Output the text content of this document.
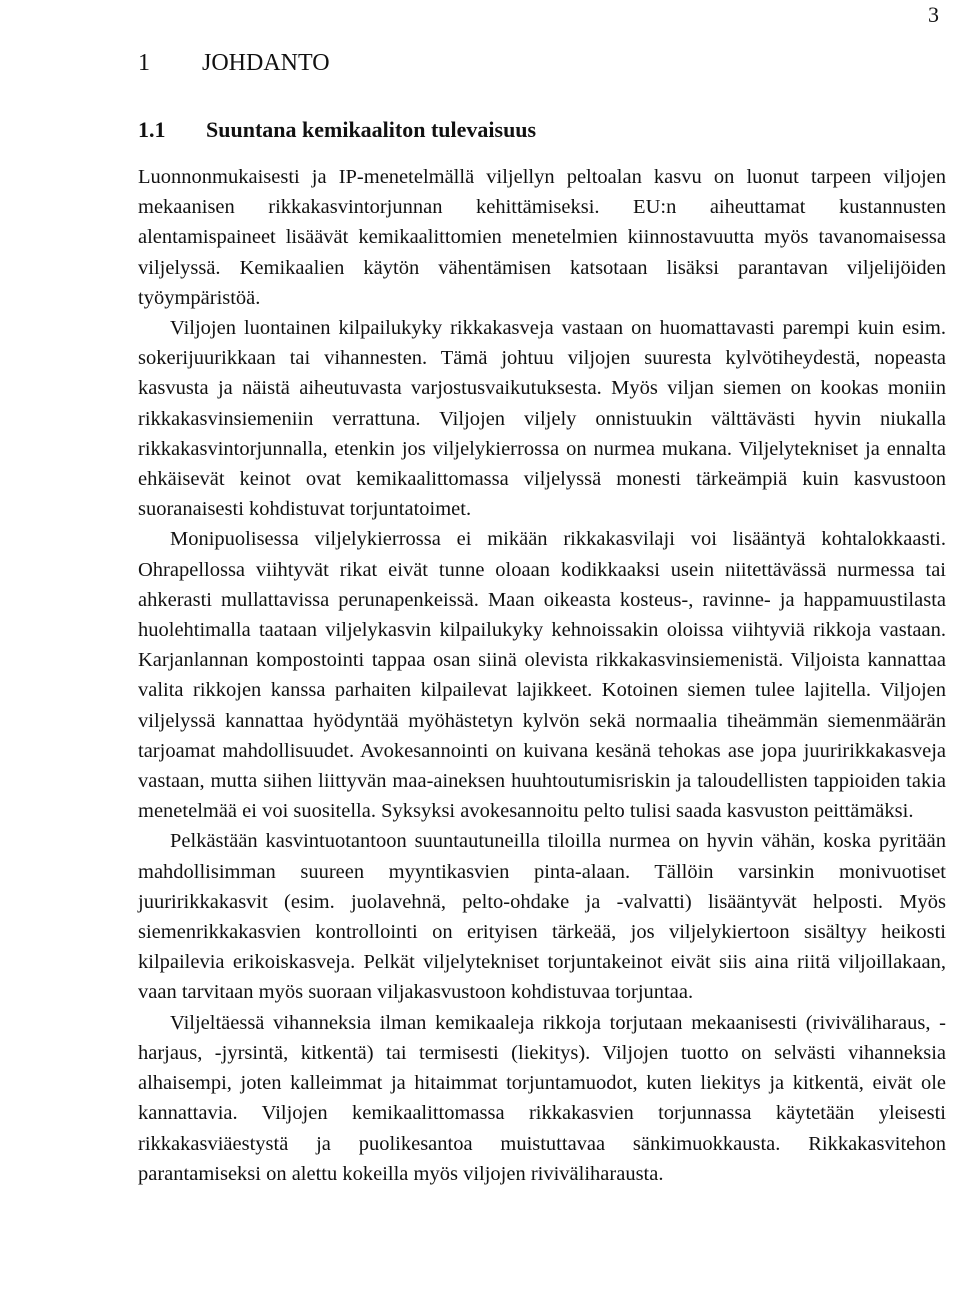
3
1 JOHDANTO
1.1 Suuntana kemikaaliton tulevaisuus

Luonnonmukaisesti ja IP-menetelmällä viljellyn peltoalan kasvu on luonut tarpeen viljojen mekaanisen rikkakasvintorjunnan kehittämiseksi. EU:n aiheuttamat kustannusten alentamispaineet lisäävät kemikaalittomien menetelmien kiinnostavuutta myös tavanomaisessa viljelyssä. Kemikaalien käytön vähentämisen katsotaan lisäksi parantavan viljelijöiden työympäristöä.

Viljojen luontainen kilpailukyky rikkakasveja vastaan on huomattavasti parempi kuin esim. sokerijuurikkaan tai vihannesten. Tämä johtuu viljojen suuresta kylvötiheydestä, nopeasta kasvusta ja näistä aiheutuvasta varjostusvaikutuksesta. Myös viljan siemen on kookas moniin rikkakasvinsiemeniin verrattuna. Viljojen viljely onnistuukin välttävästi hyvin niukalla rikkakasvintorjunnalla, etenkin jos viljelykierrossa on nurmea mukana. Viljelytekniset ja ennalta ehkäisevät keinot ovat kemikaalittomassa viljelyssä monesti tärkeämpiä kuin kasvustoon suoranaisesti kohdistuvat torjuntatoimet.

Monipuolisessa viljelykierrossa ei mikään rikkakasvilaji voi lisääntyä kohtalokkaasti. Ohrapellossa viihtyvät rikat eivät tunne oloaan kodikkaaksi usein niitettävässä nurmessa tai ahkerasti mullattavissa perunapenkeissä. Maan oikeasta kosteus-, ravinne- ja happamuustilasta huolehtimalla taataan viljelykasvin kilpailukyky kehnoissakin oloissa viihtyviä rikkoja vastaan. Karjanlannan kompostointi tappaa osan siinä olevista rikkakasvinsiemenistä. Viljoista kannattaa valita rikkojen kanssa parhaiten kilpailevat lajikkeet. Kotoinen siemen tulee lajitella. Viljojen viljelyssä kannattaa hyödyntää myöhästetyn kylvön sekä normaalia tiheämmän siemenmäärän tarjoamat mahdollisuudet. Avokesannointi on kuivana kesänä tehokas ase jopa juuririkkakasveja vastaan, mutta siihen liittyvän maa-aineksen huuhtoutumisriskin ja taloudellisten tappioiden takia menetelmää ei voi suositella. Syksyksi avokesannoitu pelto tulisi saada kasvuston peittämäksi.

Pelkästään kasvintuotantoon suuntautuneilla tiloilla nurmea on hyvin vähän, koska pyritään mahdollisimman suureen myyntikasvien pinta-alaan. Tällöin varsinkin monivuotiset juuririkkakasvit (esim. juolavehnä, pelto-ohdake ja -valvatti) lisääntyvät helposti. Myös siemenrikkakasvien kontrollointi on erityisen tärkeää, jos viljelykiertoon sisältyy heikosti kilpailevia erikoiskasveja. Pelkät viljelytekniset torjuntakeinot eivät siis aina riitä viljoillakaan, vaan tarvitaan myös suoraan viljakasvustoon kohdistuvaa torjuntaa.

Viljeltäessä vihanneksia ilman kemikaaleja rikkoja torjutaan mekaanisesti (riviväliharaus, -harjaus, -jyrsintä, kitkentä) tai termisesti (liekitys). Viljojen tuotto on selvästi vihanneksia alhaisempi, joten kalleimmat ja hitaimmat torjuntamuodot, kuten liekitys ja kitkentä, eivät ole kannattavia. Viljojen kemikaalittomassa rikkakasvien torjunnassa käytetään yleisesti rikkakasviäestystä ja puolikesantoa muistuttavaa sänkimuokkausta. Rikkakasvitehon parantamiseksi on alettu kokeilla myös viljojen riviväliharausta.
